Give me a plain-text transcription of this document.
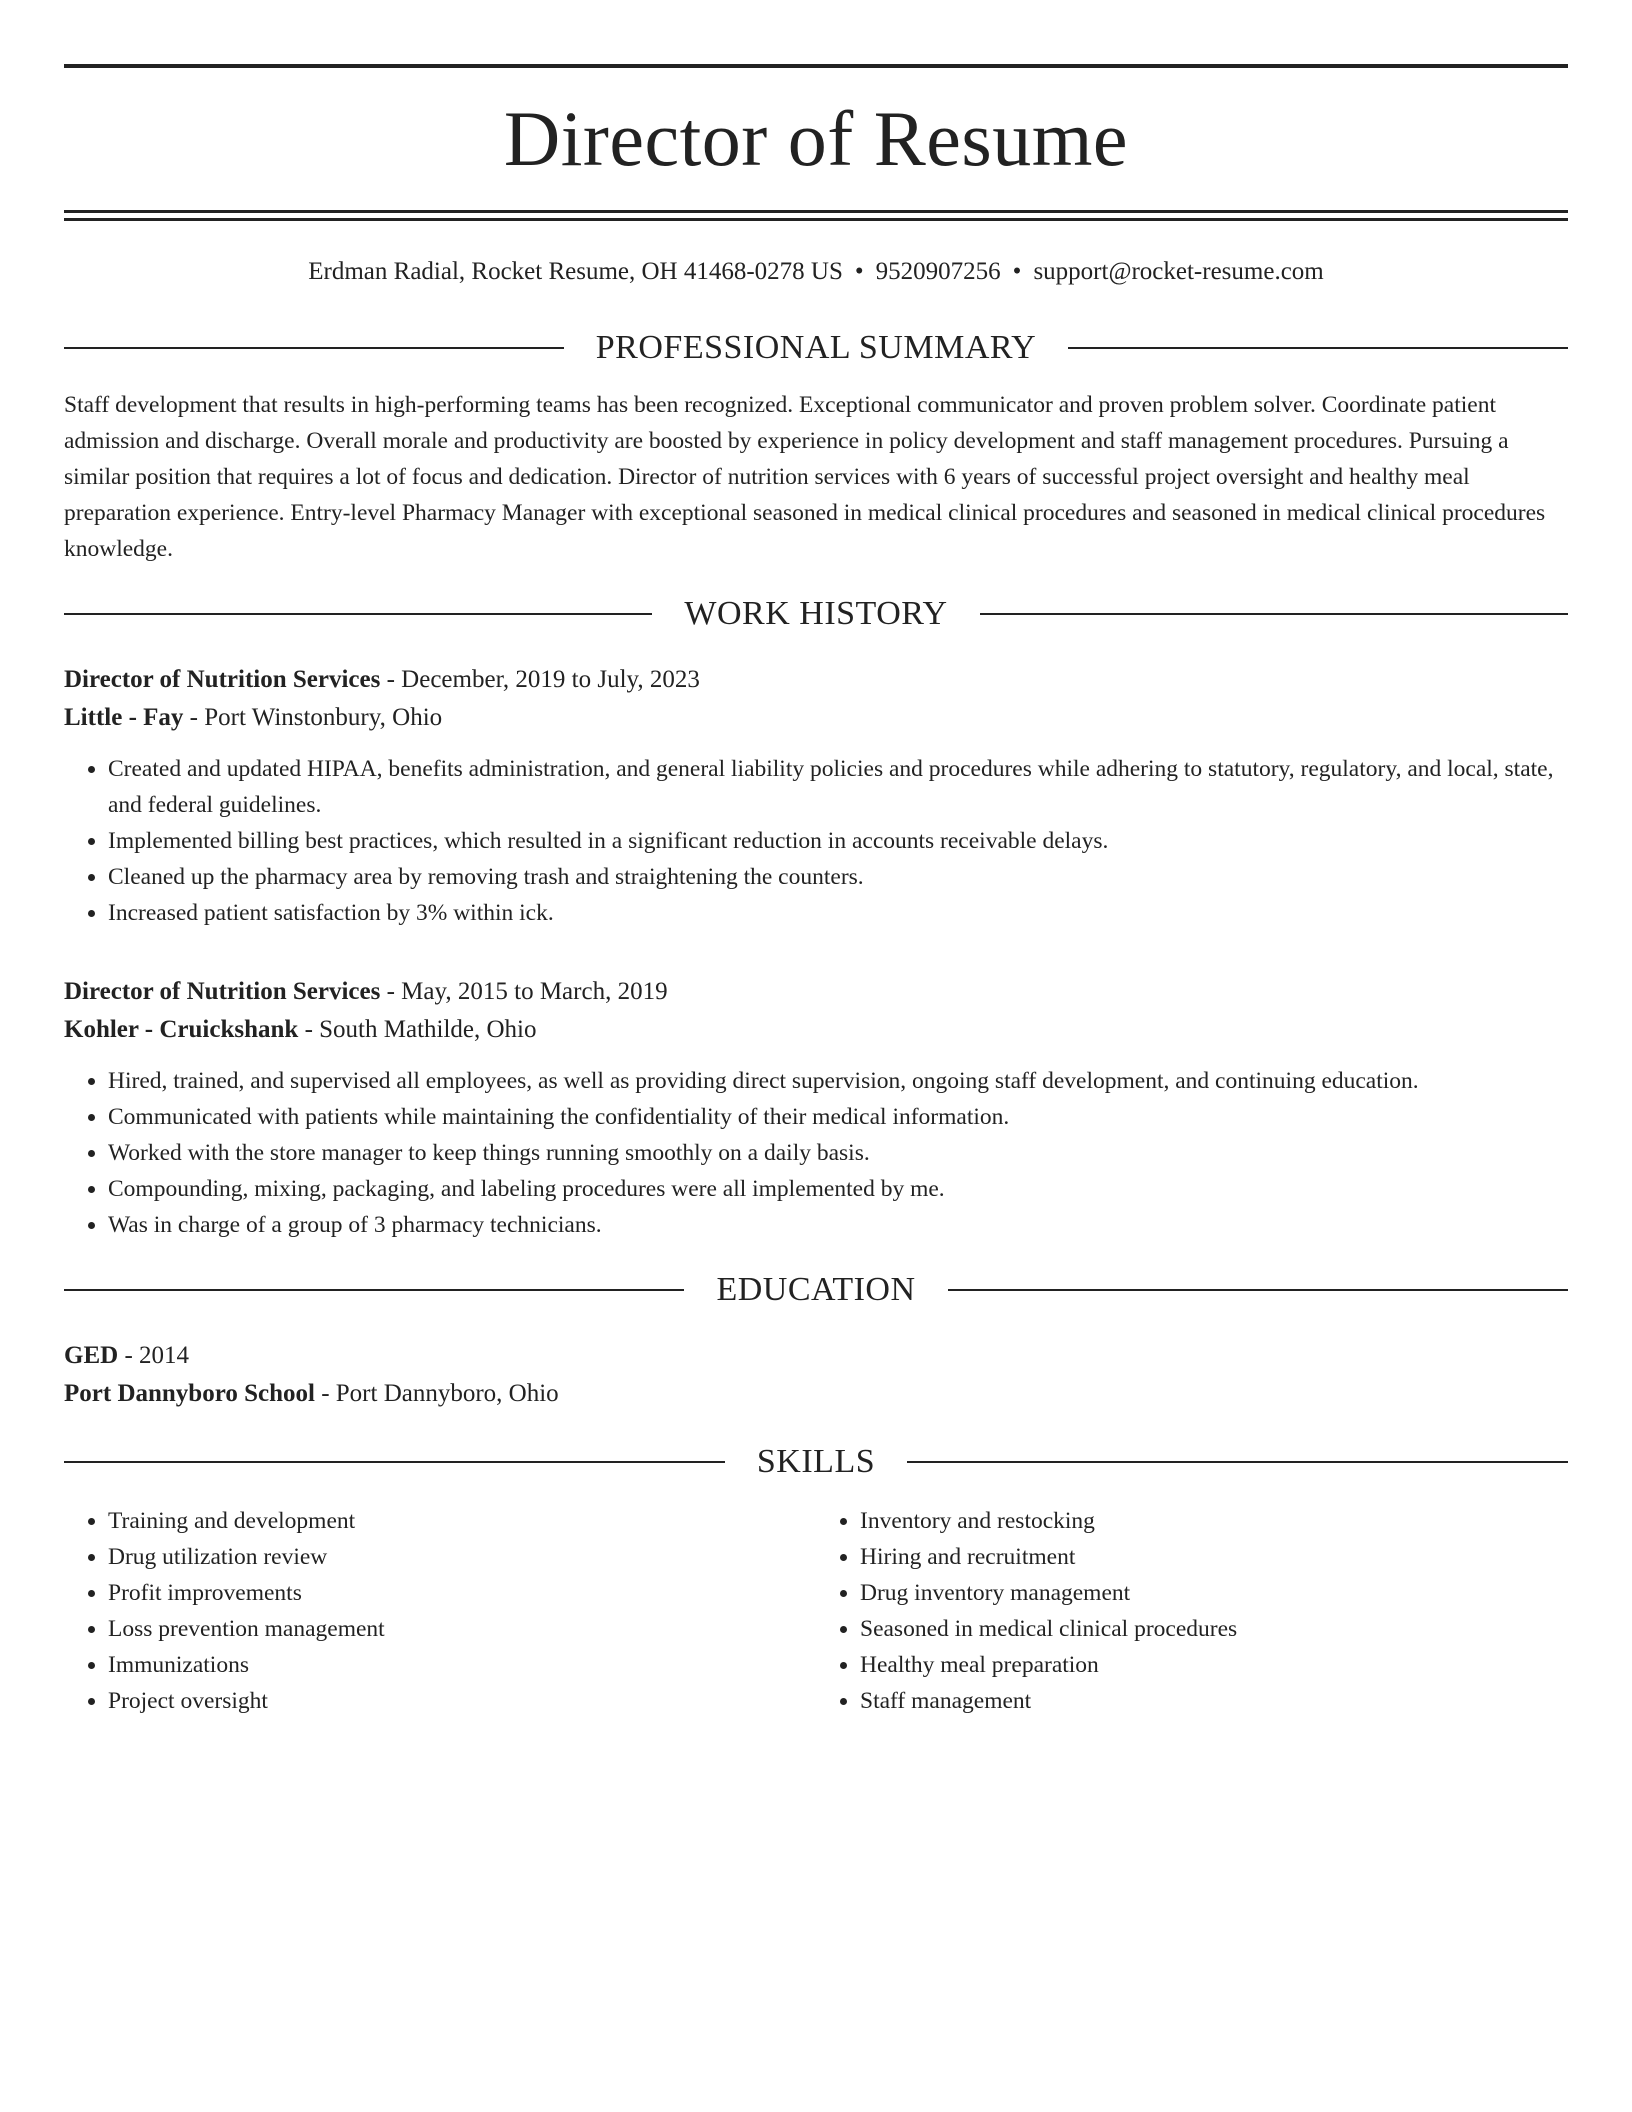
Director of Resume
Erdman Radial, Rocket Resume, OH 41468-0278 US • 9520907256 • support@rocket-resume.com
PROFESSIONAL SUMMARY
Staff development that results in high-performing teams has been recognized. Exceptional communicator and proven problem solver. Coordinate patient admission and discharge. Overall morale and productivity are boosted by experience in policy development and staff management procedures. Pursuing a similar position that requires a lot of focus and dedication. Director of nutrition services with 6 years of successful project oversight and healthy meal preparation experience. Entry-level Pharmacy Manager with exceptional seasoned in medical clinical procedures and seasoned in medical clinical procedures knowledge.
WORK HISTORY
Director of Nutrition Services - December, 2019 to July, 2023
Little - Fay - Port Winstonbury, Ohio
• Created and updated HIPAA, benefits administration, and general liability policies and procedures while adhering to statutory, regulatory, and local, state, and federal guidelines.
• Implemented billing best practices, which resulted in a significant reduction in accounts receivable delays.
• Cleaned up the pharmacy area by removing trash and straightening the counters.
• Increased patient satisfaction by 3% within ick.
Director of Nutrition Services - May, 2015 to March, 2019
Kohler - Cruickshank - South Mathilde, Ohio
• Hired, trained, and supervised all employees, as well as providing direct supervision, ongoing staff development, and continuing education.
• Communicated with patients while maintaining the confidentiality of their medical information.
• Worked with the store manager to keep things running smoothly on a daily basis.
• Compounding, mixing, packaging, and labeling procedures were all implemented by me.
• Was in charge of a group of 3 pharmacy technicians.
EDUCATION
GED - 2014
Port Dannyboro School - Port Dannyboro, Ohio
SKILLS
• Training and development
• Drug utilization review
• Profit improvements
• Loss prevention management
• Immunizations
• Project oversight
• Inventory and restocking
• Hiring and recruitment
• Drug inventory management
• Seasoned in medical clinical procedures
• Healthy meal preparation
• Staff management
